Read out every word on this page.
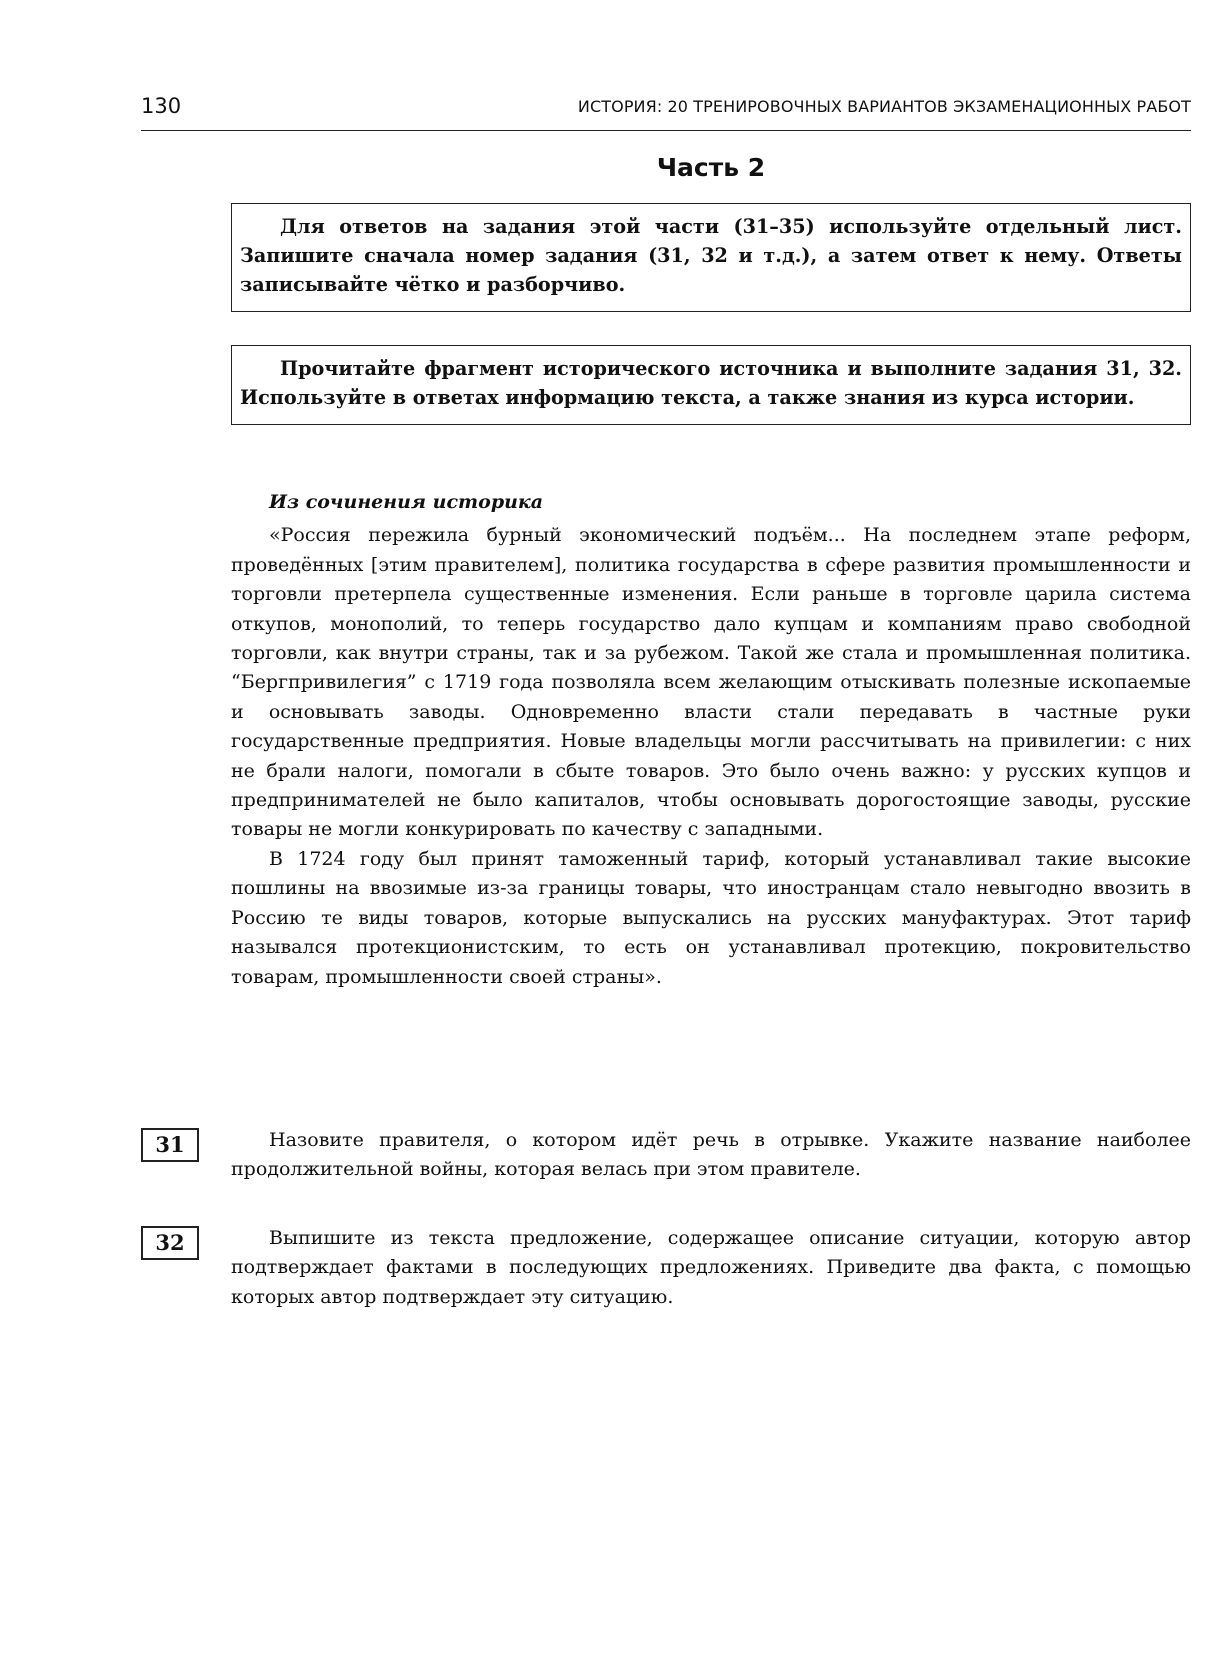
130	ИСТОРИЯ: 20 ТРЕНИРОВОЧНЫХ ВАРИАНТОВ ЭКЗАМЕНАЦИОННЫХ РАБОТ
Часть 2

Для ответов на задания этой части (31–35) используйте отдельный лист. Запишите сначала номер задания (31, 32 и т.д.), а затем ответ к нему. Ответы записывайте чётко и разборчиво.

Прочитайте фрагмент исторического источника и выполните задания 31, 32. Используйте в ответах информацию текста, а также знания из курса истории.

Из сочинения историка

«Россия пережила бурный экономический подъём... На последнем этапе реформ, проведённых [этим правителем], политика государства в сфере развития промышленности и торговли претерпела существенные изменения. Если раньше в торговле царила система откупов, монополий, то теперь государство дало купцам и компаниям право свободной торговли, как внутри страны, так и за рубежом. Такой же стала и промышленная политика. “Бергпривилегия” с 1719 года позволяла всем желающим отыскивать полезные ископаемые и основывать заводы. Одновременно власти стали передавать в частные руки государственные предприятия. Новые владельцы могли рассчитывать на привилегии: с них не брали налоги, помогали в сбыте товаров. Это было очень важно: у русских купцов и предпринимателей не было капиталов, чтобы основывать дорогостоящие заводы, русские товары не могли конкурировать по качеству с западными.

В 1724 году был принят таможенный тариф, который устанавливал такие высокие пошлины на ввозимые из-за границы товары, что иностранцам стало невыгодно ввозить в Россию те виды товаров, которые выпускались на русских мануфактурах. Этот тариф назывался протекционистским, то есть он устанавливал протекцию, покровительство товарам, промышленности своей страны».

31	Назовите правителя, о котором идёт речь в отрывке. Укажите название наиболее продолжительной войны, которая велась при этом правителе.

32	Выпишите из текста предложение, содержащее описание ситуации, которую автор подтверждает фактами в последующих предложениях. Приведите два факта, с помощью которых автор подтверждает эту ситуацию.
